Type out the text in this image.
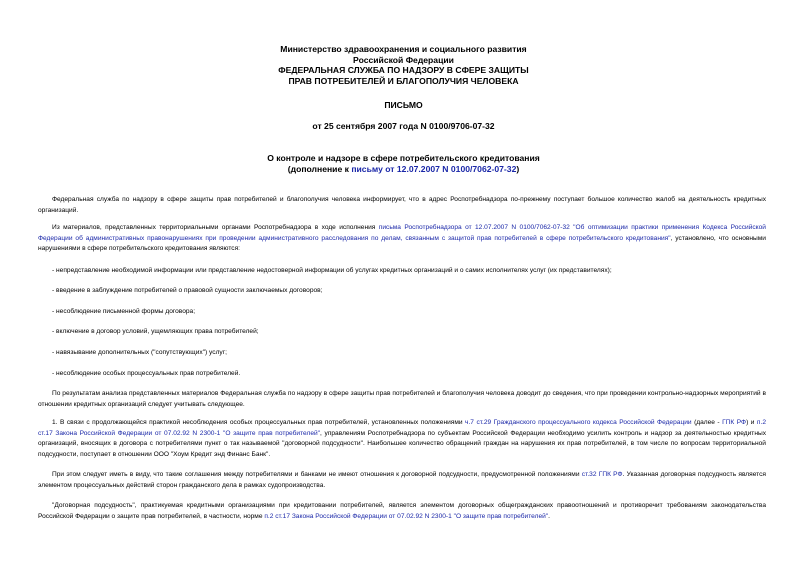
Министерство здравоохранения и социального развития
Российской Федерации
ФЕДЕРАЛЬНАЯ СЛУЖБА ПО НАДЗОРУ В СФЕРЕ ЗАЩИТЫ
ПРАВ ПОТРЕБИТЕЛЕЙ И БЛАГОПОЛУЧИЯ ЧЕЛОВЕКА
ПИСЬМО
от 25 сентября 2007 года N 0100/9706-07-32
О контроле и надзоре в сфере потребительского кредитования
(дополнение к письму от 12.07.2007 N 0100/7062-07-32)

Федеральная служба по надзору в сфере защиты прав потребителей и благополучия человека информирует, что в адрес Роспотребнадзора по-прежнему поступает большое количество жалоб на деятельность кредитных организаций.

Из материалов, представленных территориальными органами Роспотребнадзора в ходе исполнения письма Роспотребнадзора от 12.07.2007 N 0100/7062-07-32 "Об оптимизации практики применения Кодекса Российской Федерации об административных правонарушениях при проведении административного расследования по делам, связанным с защитой прав потребителей в сфере потребительского кредитования", установлено, что основными нарушениями в сфере потребительского кредитования являются:

- непредставление необходимой информации или представление недостоверной информации об услугах кредитных организаций и о самих исполнителях услуг (их представителях);

- введение в заблуждение потребителей о правовой сущности заключаемых договоров;

- несоблюдение письменной формы договора;

- включение в договор условий, ущемляющих права потребителей;

- навязывание дополнительных ("сопутствующих") услуг;

- несоблюдение особых процессуальных прав потребителей.

По результатам анализа представленных материалов Федеральная служба по надзору в сфере защиты прав потребителей и благополучия человека доводит до сведения, что при проведении контрольно-надзорных мероприятий в отношении кредитных организаций следует учитывать следующее.

1. В связи с продолжающейся практикой несоблюдения особых процессуальных прав потребителей, установленных положениями ч.7 ст.29 Гражданского процессуального кодекса Российской Федерации (далее - ГПК РФ) и п.2 ст.17 Закона Российской Федерации от 07.02.92 N 2300-1 "О защите прав потребителей", управлениям Роспотребнадзора по субъектам Российской Федерации необходимо усилить контроль и надзор за деятельностью кредитных организаций, вносящих в договора с потребителями пункт о так называемой "договорной подсудности". Наибольшее количество обращений граждан на нарушения их прав потребителей, в том числе по вопросам территориальной подсудности, поступает в отношении ООО "Хоум Кредит энд Финанс Банк".

При этом следует иметь в виду, что такие соглашения между потребителями и банками не имеют отношения к договорной подсудности, предусмотренной положениями ст.32 ГПК РФ. Указанная договорная подсудность является элементом процессуальных действий сторон гражданского дела в рамках судопроизводства.

"Договорная подсудность", практикуемая кредитными организациями при кредитовании потребителей, является элементом договорных общегражданских правоотношений и противоречит требованиям законодательства Российской Федерации о защите прав потребителей, в частности, норме п.2 ст.17 Закона Российской Федерации от 07.02.92 N 2300-1 "О защите прав потребителей".
